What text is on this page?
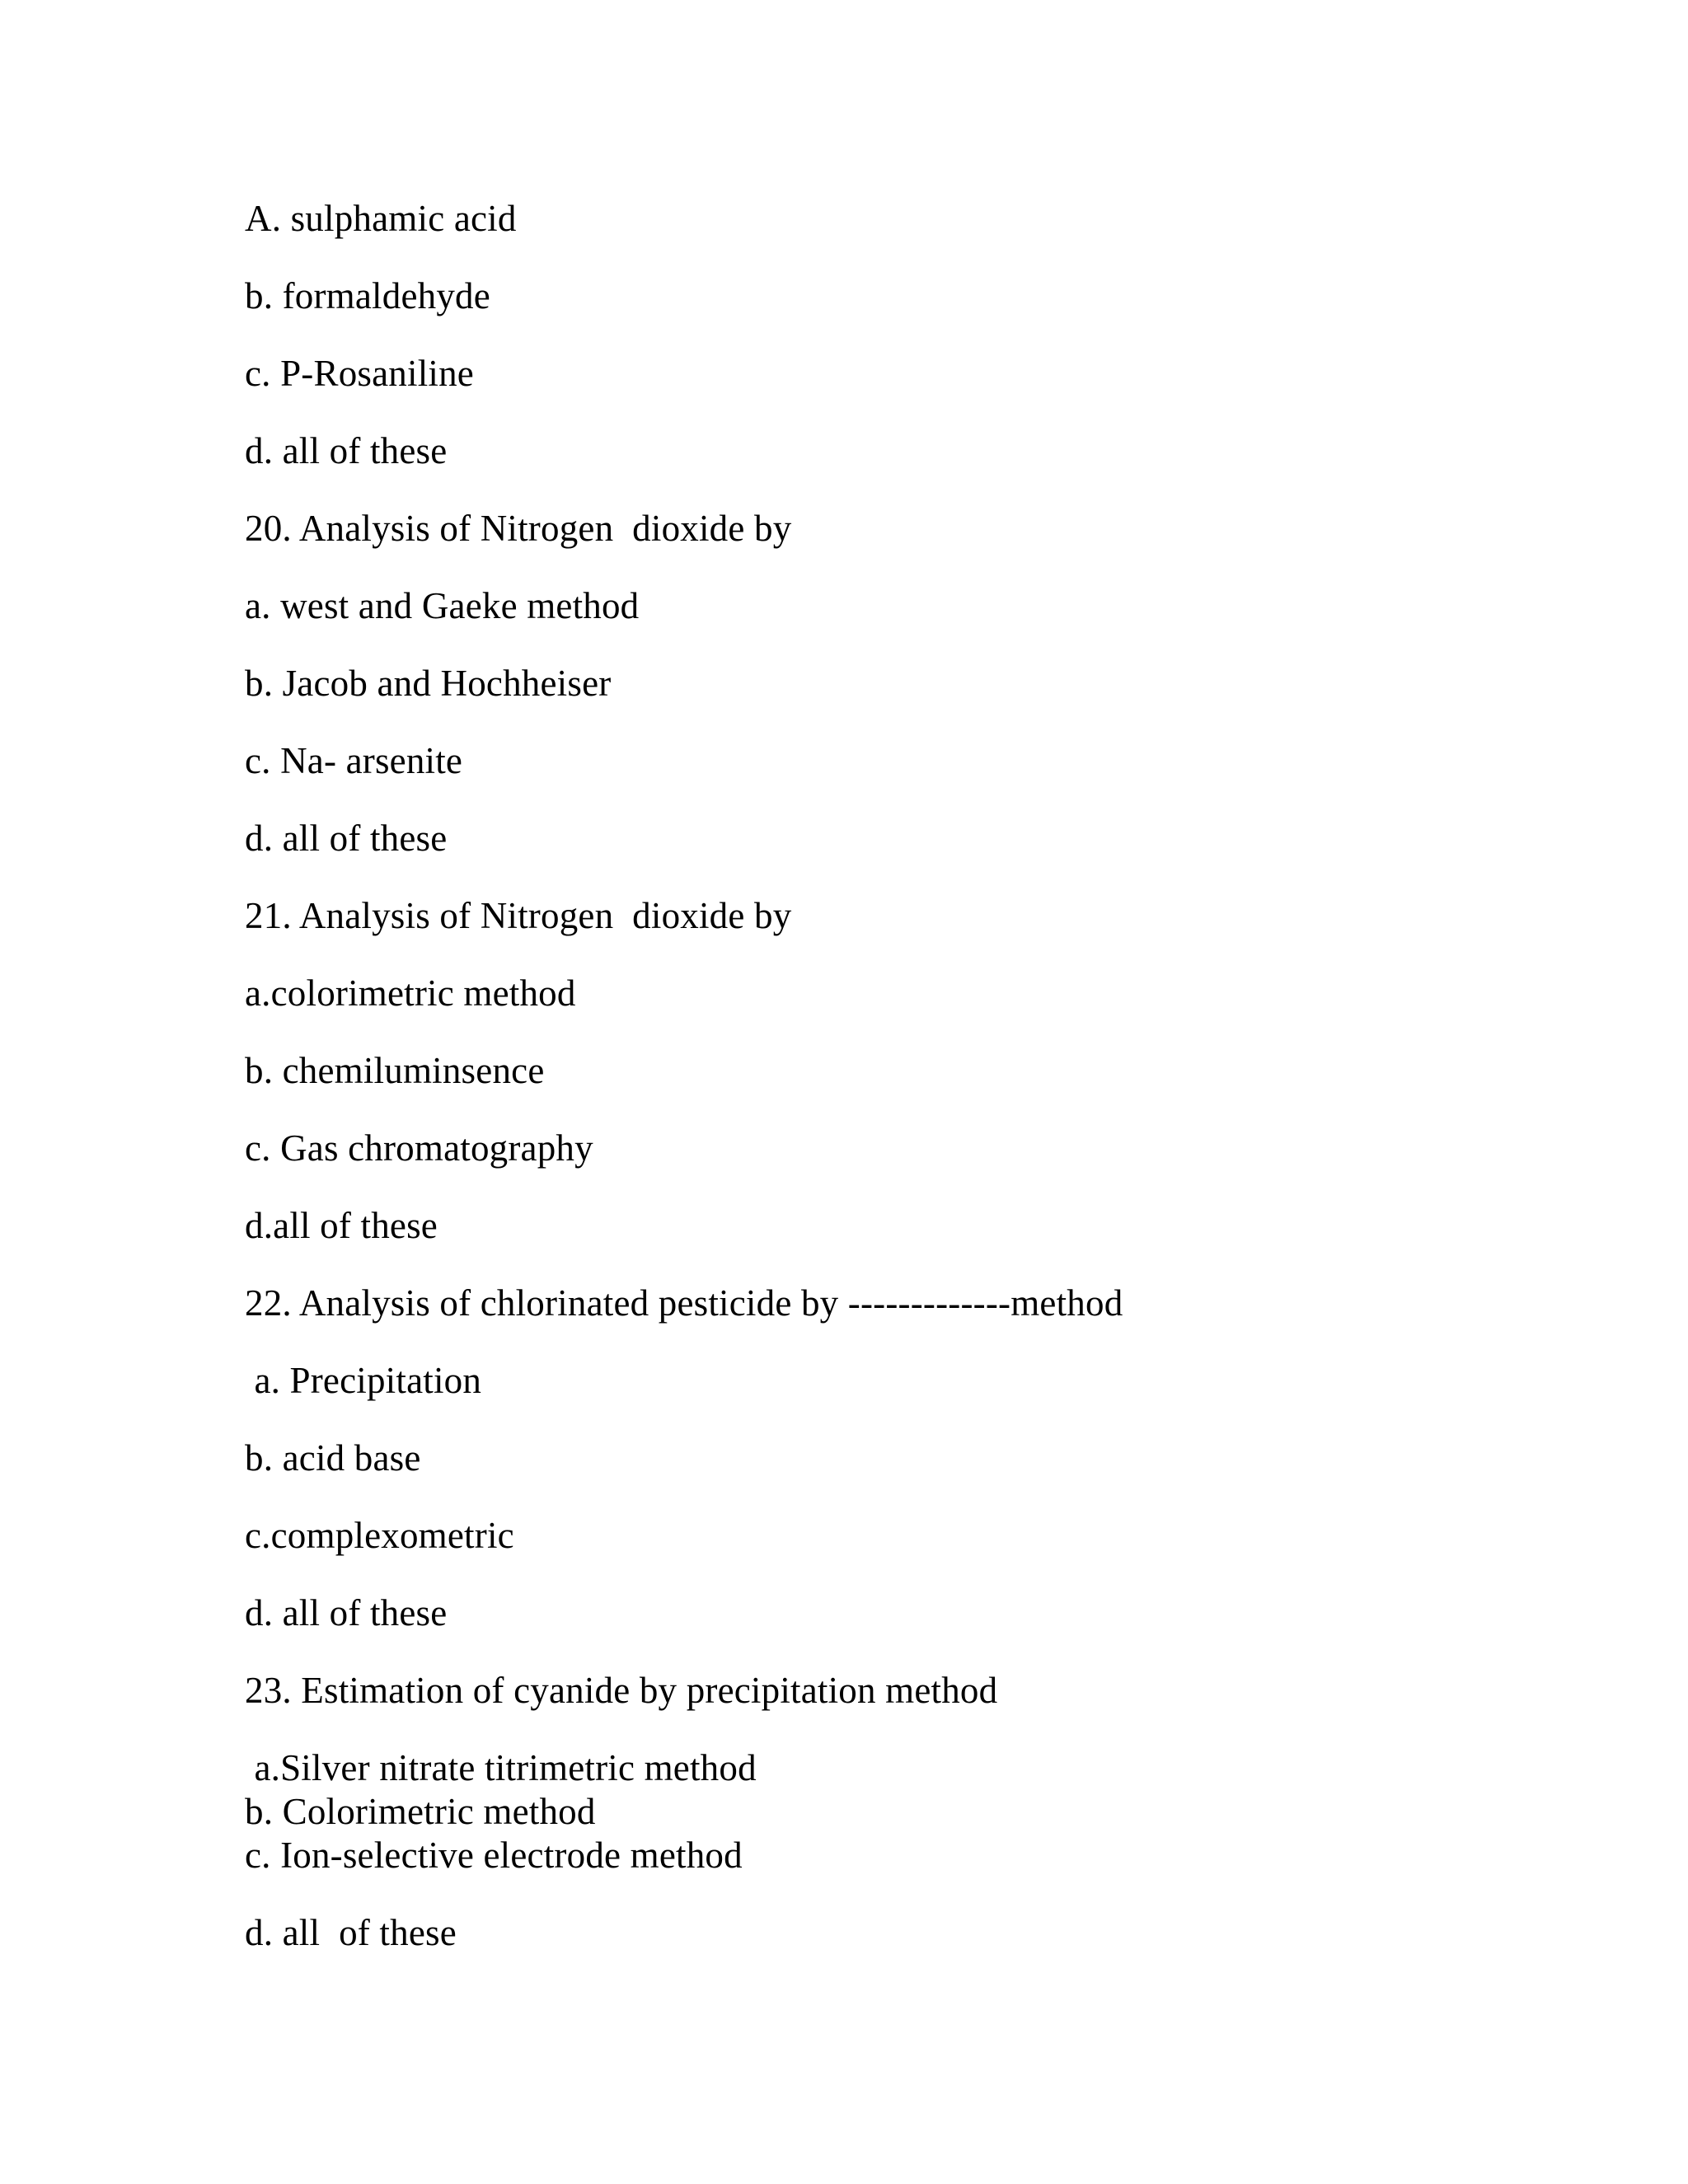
A. sulphamic acid
b. formaldehyde
c. P-Rosaniline
d. all of these
20. Analysis of Nitrogen  dioxide by
a. west and Gaeke method
b. Jacob and Hochheiser
c. Na- arsenite
d. all of these
21. Analysis of Nitrogen  dioxide by
a.colorimetric method
b. chemiluminsence
c. Gas chromatography
d.all of these
22. Analysis of chlorinated pesticide by -------------method
a. Precipitation
b. acid base
c.complexometric
d. all of these
23. Estimation of cyanide by precipitation method
a.Silver nitrate titrimetric method
b. Colorimetric method
c. Ion-selective electrode method
d. all  of these
